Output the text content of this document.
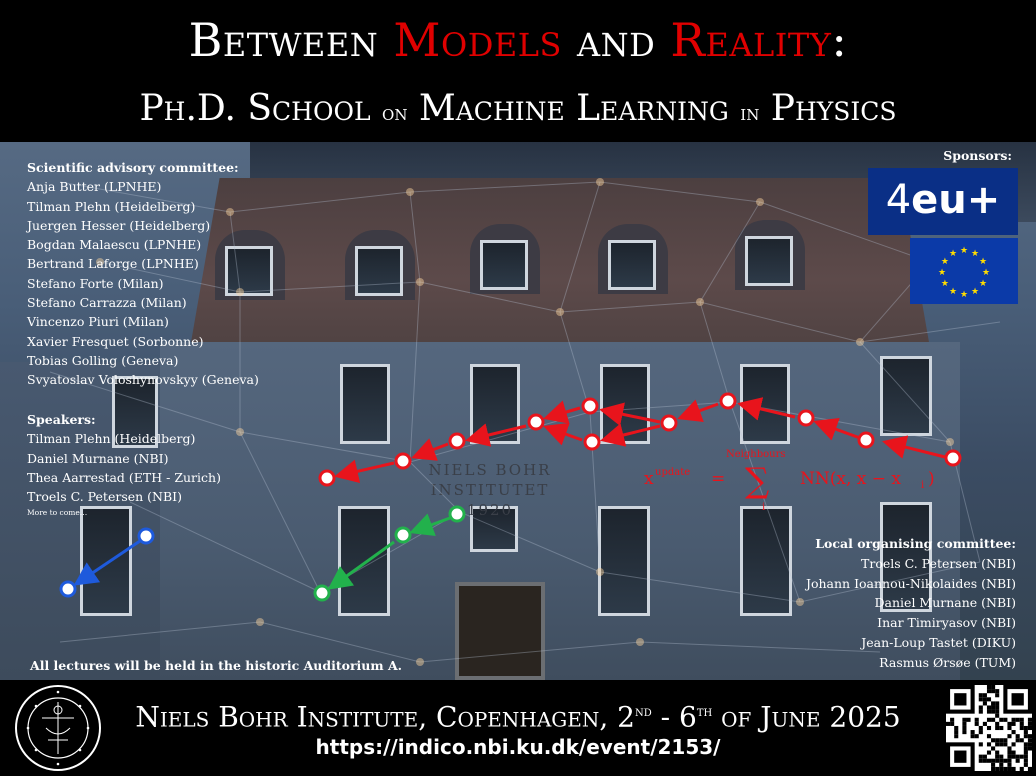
Between Models and Reality:
Ph.D. School on Machine Learning in Physics
NIELS BOHR INSTITUTET
1920
x update =
Neighbours
∑
i
NN(x, x − x i )
Scientific advisory committee:
Anja Butter (LPNHE)
Tilman Plehn (Heidelberg)
Juergen Hesser (Heidelberg)
Bogdan Malaescu (LPNHE)
Bertrand Laforge (LPNHE)
Stefano Forte (Milan)
Stefano Carrazza (Milan)
Vincenzo Piuri (Milan)
Xavier Fresquet (Sorbonne)
Tobias Golling (Geneva)
Svyatoslav Voloshynovskyy (Geneva)
Speakers:
Tilman Plehn (Heidelberg)
Daniel Murnane (NBI)
Thea Aarrestad (ETH - Zurich)
Troels C. Petersen (NBI)
More to come…
Sponsors:
4eu+
★ ★
★
★
★
★
★
★
★
★
★
★
Local organising committee:
Troels C. Petersen (NBI)
Johann Ioannou-Nikolaides (NBI)
Daniel Murnane (NBI)
Inar Timiryasov (NBI)
Jean-Loup Tastet (DIKU)
Rasmus Ørsøe (TUM)
All lectures will be held in the historic Auditorium A.
Niels Bohr Institute, Copenhagen, 2nd - 6th of June 2025
https://indico.nbi.ku.dk/event/2153/
